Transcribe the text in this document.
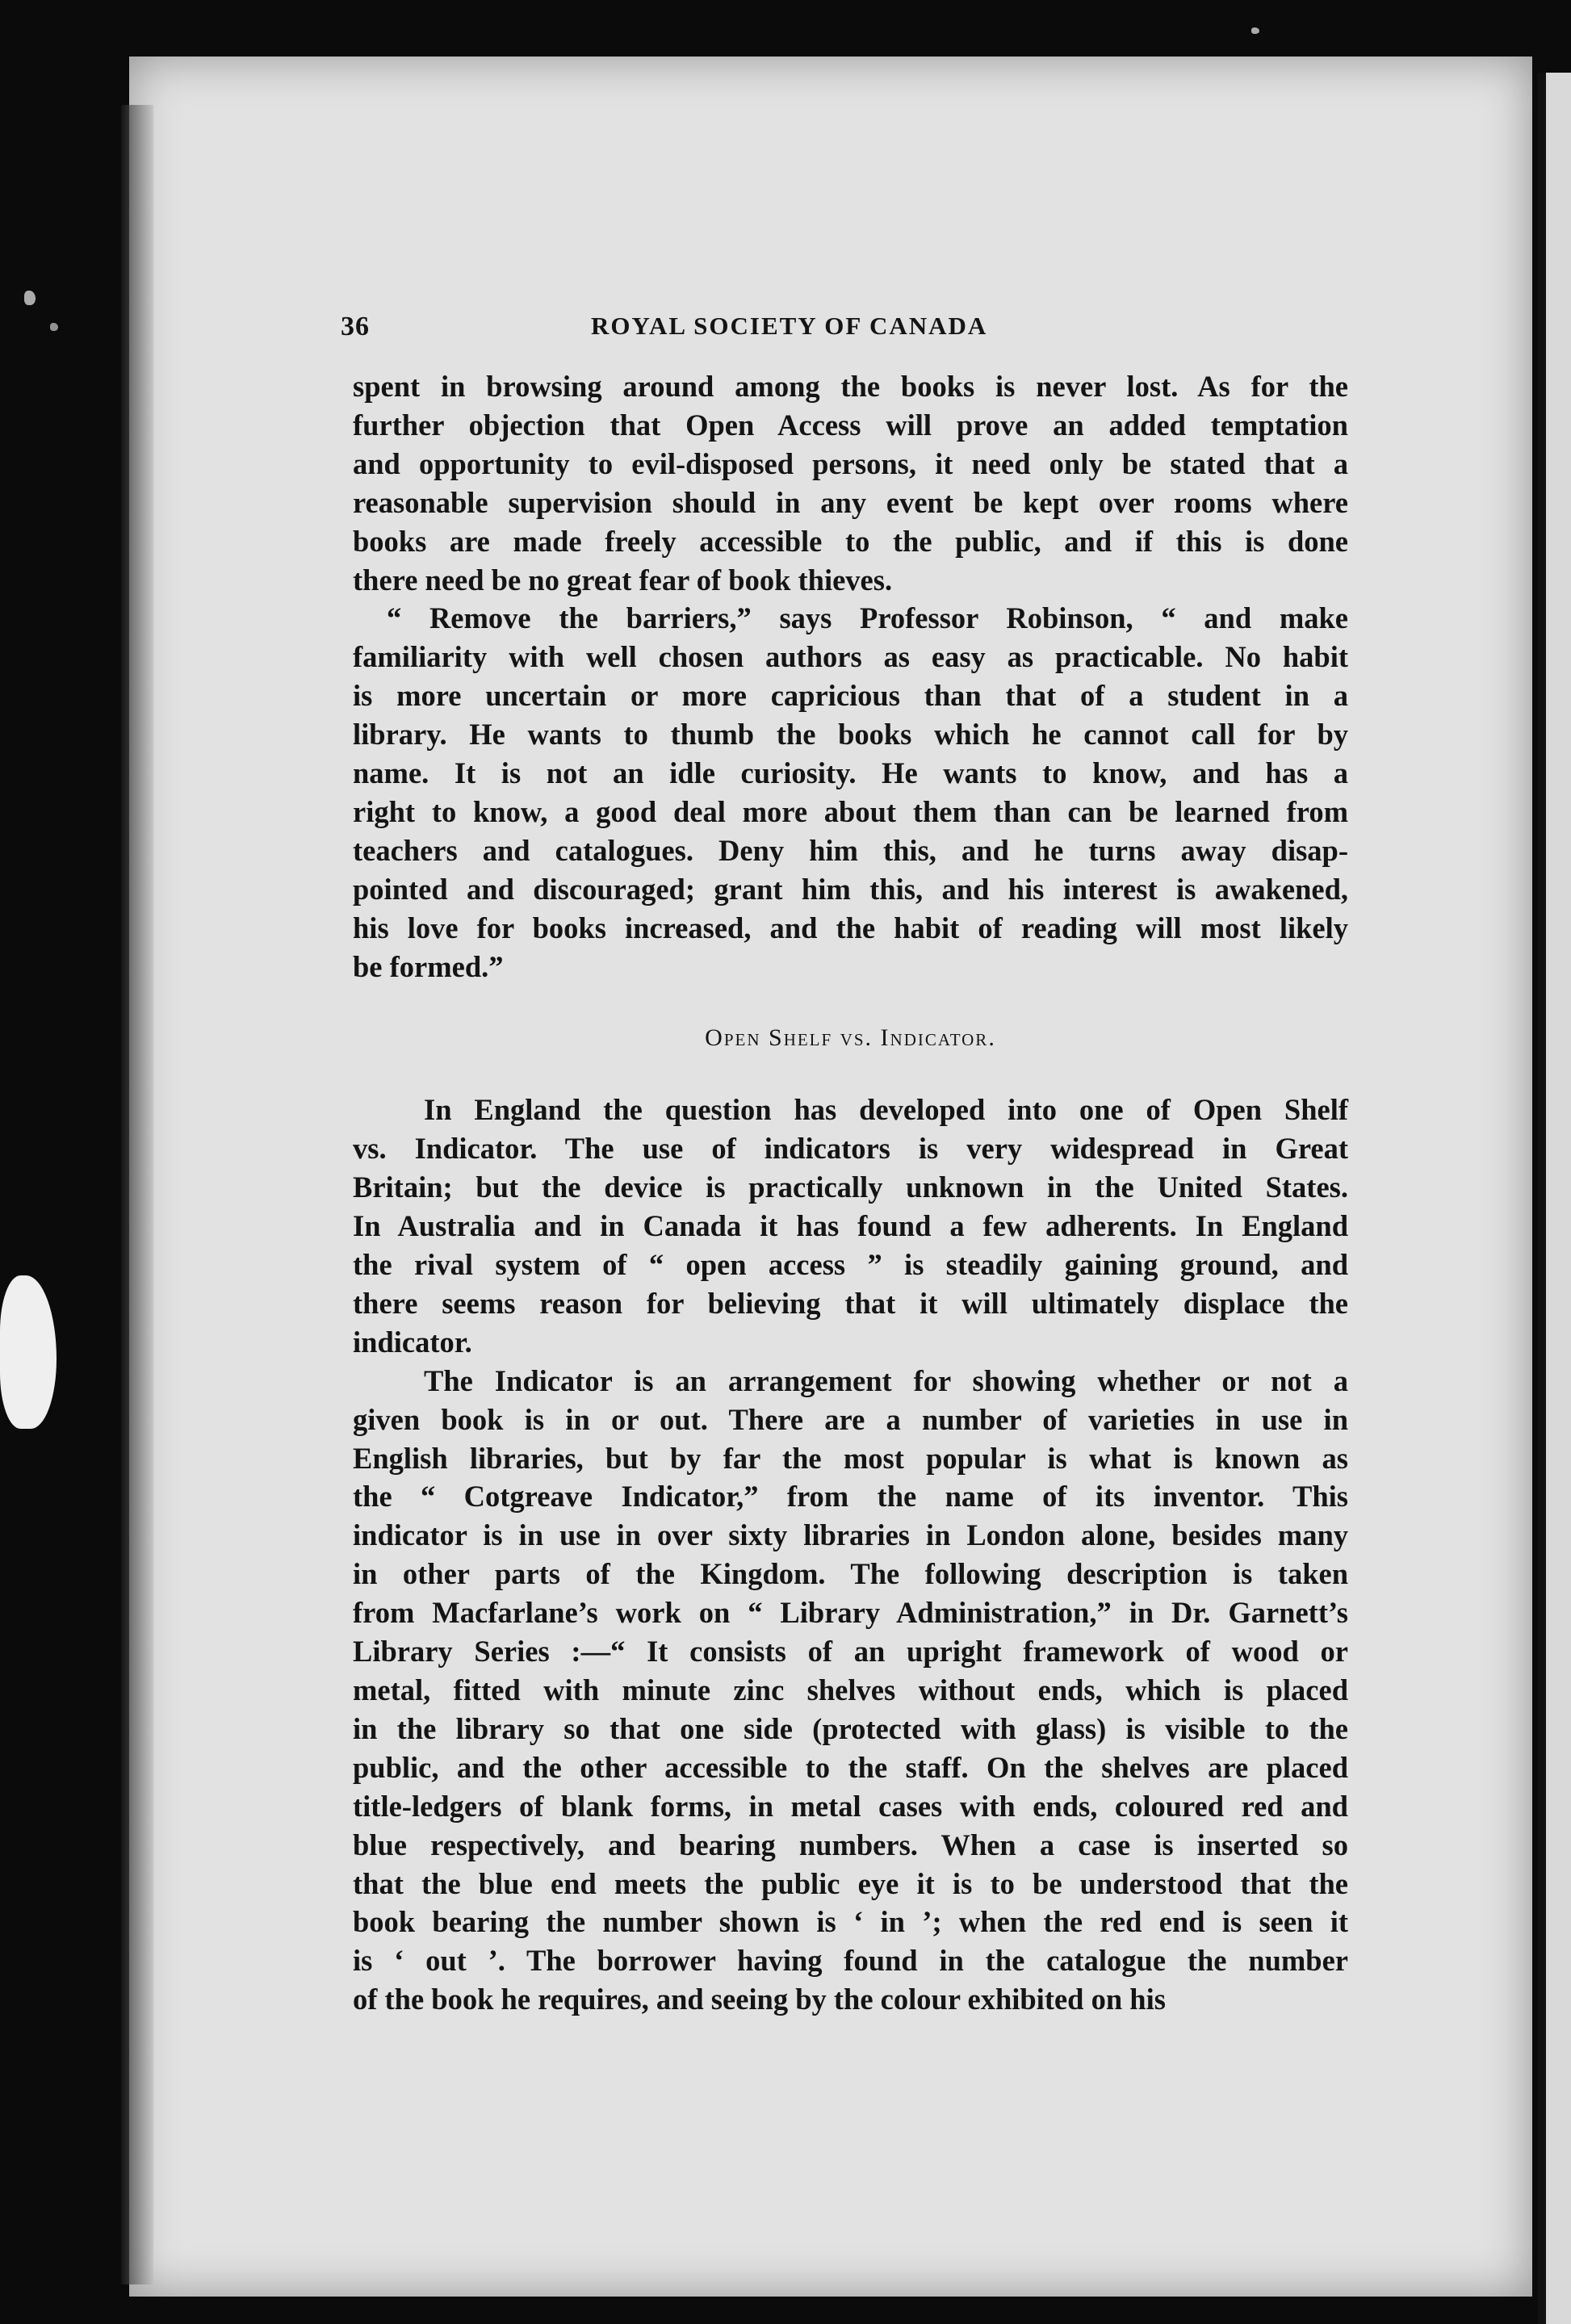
36	ROYAL SOCIETY OF CANADA

spent in browsing around among the books is never lost. As for the
further objection that Open Access will prove an added temptation
and opportunity to evil-disposed persons, it need only be stated that a
reasonable supervision should in any event be kept over rooms where
books are made freely accessible to the public, and if this is done
there need be no great fear of book thieves.

“ Remove the barriers,” says Professor Robinson, “ and make
familiarity with well chosen authors as easy as practicable. No habit
is more uncertain or more capricious than that of a student in a
library. He wants to thumb the books which he cannot call for by
name. It is not an idle curiosity. He wants to know, and has a
right to know, a good deal more about them than can be learned from
teachers and catalogues. Deny him this, and he turns away disap-
pointed and discouraged; grant him this, and his interest is awakened,
his love for books increased, and the habit of reading will most likely
be formed.”

Open Shelf vs. Indicator.

In England the question has developed into one of Open Shelf
vs. Indicator. The use of indicators is very widespread in Great
Britain; but the device is practically unknown in the United States.
In Australia and in Canada it has found a few adherents. In England
the rival system of “ open access ” is steadily gaining ground, and
there seems reason for believing that it will ultimately displace the
indicator.

The Indicator is an arrangement for showing whether or not a
given book is in or out. There are a number of varieties in use in
English libraries, but by far the most popular is what is known as
the “ Cotgreave Indicator,” from the name of its inventor. This
indicator is in use in over sixty libraries in London alone, besides many
in other parts of the Kingdom. The following description is taken
from Macfarlane’s work on “ Library Administration,” in Dr. Garnett’s
Library Series :—“ It consists of an upright framework of wood or
metal, fitted with minute zinc shelves without ends, which is placed
in the library so that one side (protected with glass) is visible to the
public, and the other accessible to the staff. On the shelves are placed
title-ledgers of blank forms, in metal cases with ends, coloured red and
blue respectively, and bearing numbers. When a case is inserted so
that the blue end meets the public eye it is to be understood that the
book bearing the number shown is ‘ in ’; when the red end is seen it
is ‘ out ’. The borrower having found in the catalogue the number
of the book he requires, and seeing by the colour exhibited on his
